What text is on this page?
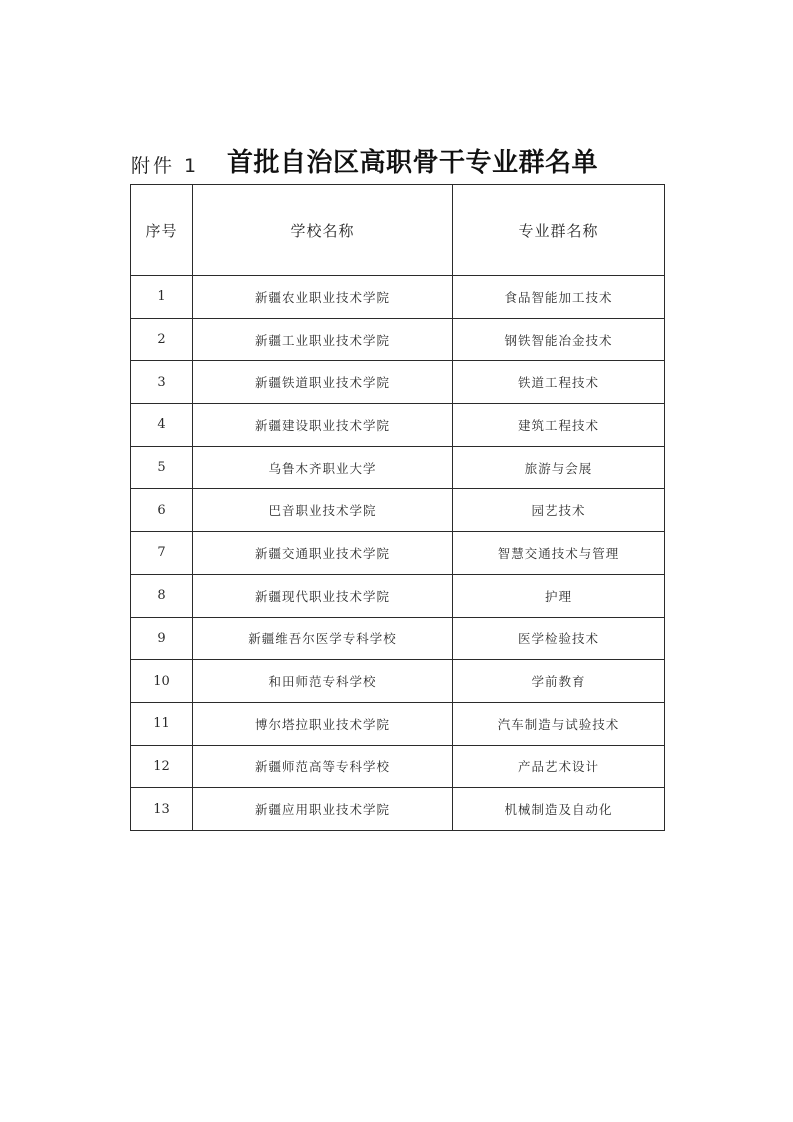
附件 1 首批自治区高职骨干专业群名单
序号	学校名称	专业群名称
1	新疆农业职业技术学院	食品智能加工技术
2	新疆工业职业技术学院	钢铁智能冶金技术
3	新疆铁道职业技术学院	铁道工程技术
4	新疆建设职业技术学院	建筑工程技术
5	乌鲁木齐职业大学	旅游与会展
6	巴音职业技术学院	园艺技术
7	新疆交通职业技术学院	智慧交通技术与管理
8	新疆现代职业技术学院	护理
9	新疆维吾尔医学专科学校	医学检验技术
10	和田师范专科学校	学前教育
11	博尔塔拉职业技术学院	汽车制造与试验技术
12	新疆师范高等专科学校	产品艺术设计
13	新疆应用职业技术学院	机械制造及自动化
